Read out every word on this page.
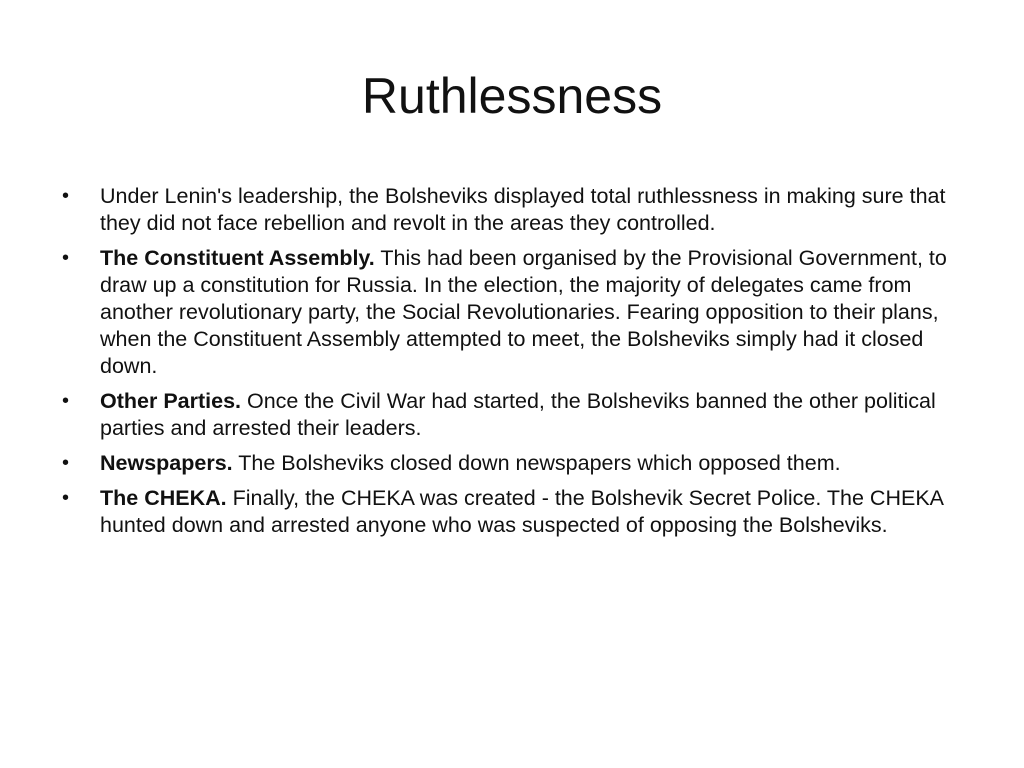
Ruthlessness
•	Under Lenin's leadership, the Bolsheviks displayed total ruthlessness in making sure that they did not face rebellion and revolt in the areas they controlled.
•	The Constituent Assembly. This had been organised by the Provisional Government, to draw up a constitution for Russia. In the election, the majority of delegates came from another revolutionary party, the Social Revolutionaries. Fearing opposition to their plans, when the Constituent Assembly attempted to meet, the Bolsheviks simply had it closed down.
•	Other Parties. Once the Civil War had started, the Bolsheviks banned the other political parties and arrested their leaders.
•	Newspapers. The Bolsheviks closed down newspapers which opposed them.
•	The CHEKA. Finally, the CHEKA was created - the Bolshevik Secret Police. The CHEKA hunted down and arrested anyone who was suspected of opposing the Bolsheviks.
